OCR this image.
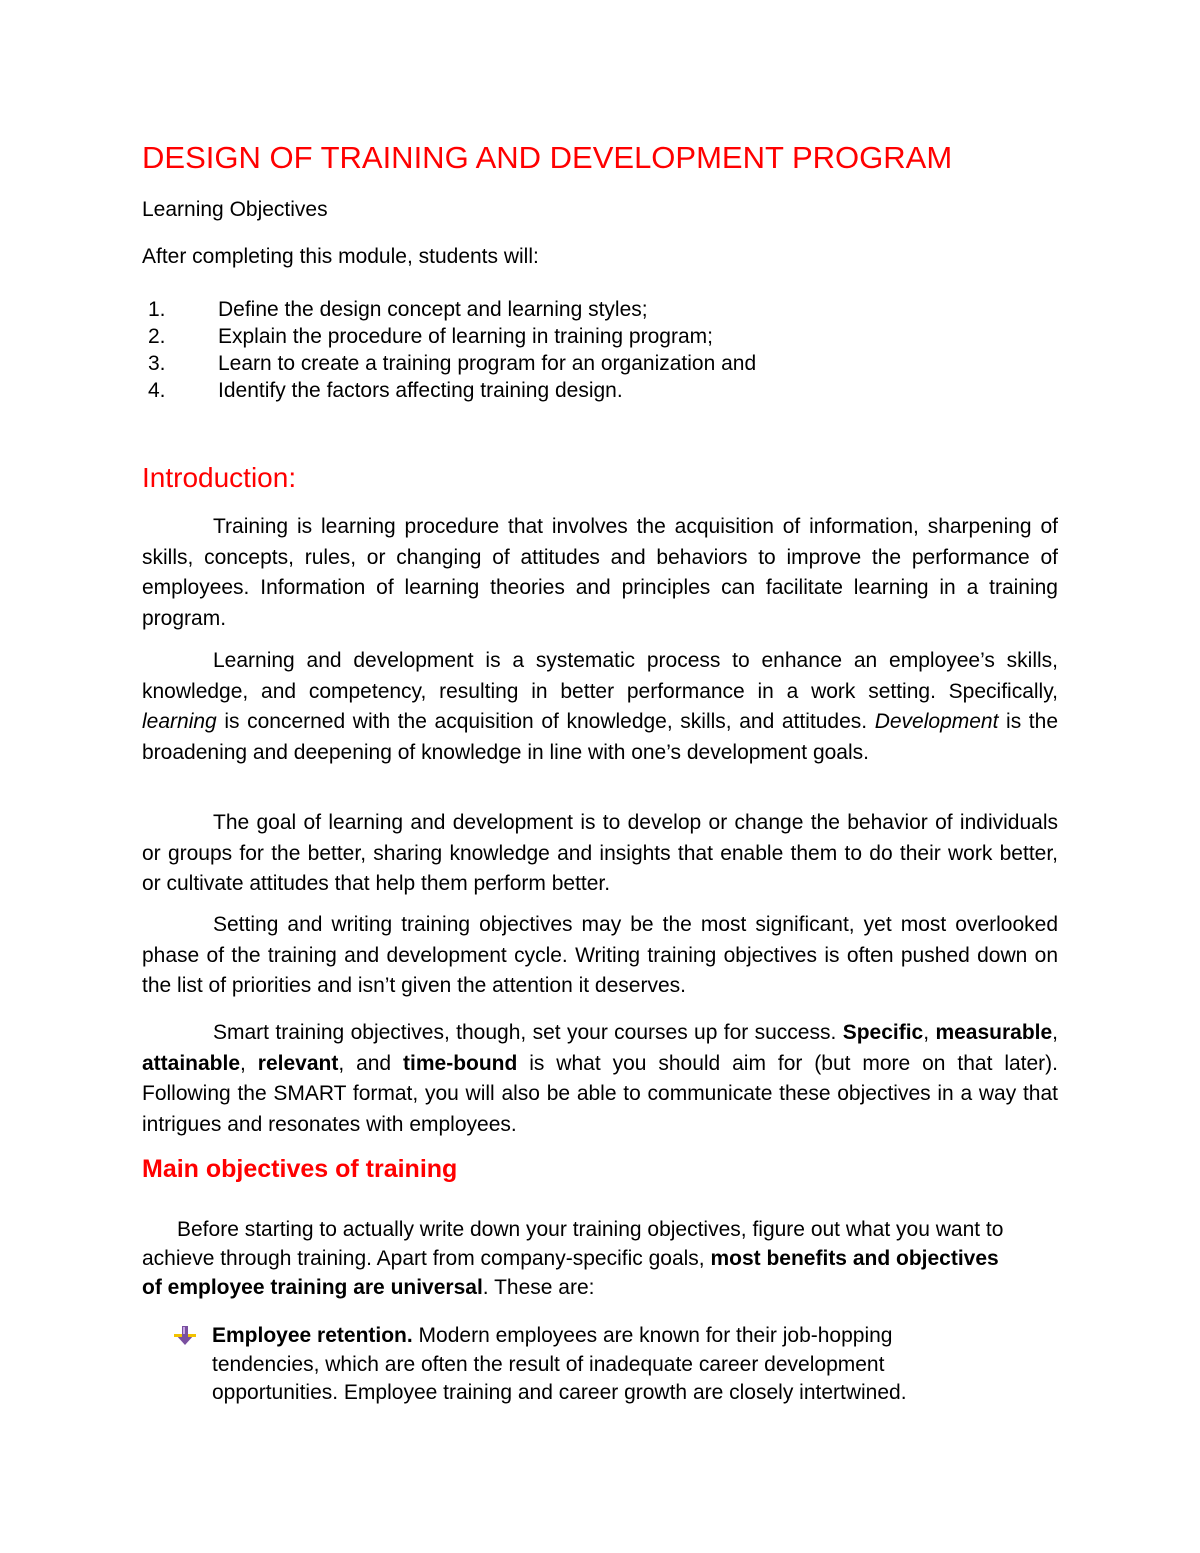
DESIGN OF TRAINING AND DEVELOPMENT PROGRAM

Learning Objectives

After completing this module, students will:

1. Define the design concept and learning styles;
2. Explain the procedure of learning in training program;
3. Learn to create a training program for an organization and
4. Identify the factors affecting training design.
Introduction:

Training is learning procedure that involves the acquisition of information, sharpening of skills, concepts, rules, or changing of attitudes and behaviors to improve the performance of employees. Information of learning theories and principles can facilitate learning in a training program.

Learning and development is a systematic process to enhance an employee’s skills, knowledge, and competency, resulting in better performance in a work setting. Specifically, learning is concerned with the acquisition of knowledge, skills, and attitudes. Development is the broadening and deepening of knowledge in line with one’s development goals.

The goal of learning and development is to develop or change the behavior of individuals or groups for the better, sharing knowledge and insights that enable them to do their work better, or cultivate attitudes that help them perform better.

Setting and writing training objectives may be the most significant, yet most overlooked phase of the training and development cycle. Writing training objectives is often pushed down on the list of priorities and isn’t given the attention it deserves.

Smart training objectives, though, set your courses up for success. Specific, measurable, attainable, relevant, and time-bound is what you should aim for (but more on that later). Following the SMART format, you will also be able to communicate these objectives in a way that intrigues and resonates with employees.

Main objectives of training

Before starting to actually write down your training objectives, figure out what you want to achieve through training. Apart from company-specific goals, most benefits and objectives of employee training are universal. These are:

Employee retention. Modern employees are known for their job-hopping tendencies, which are often the result of inadequate career development opportunities. Employee training and career growth are closely intertwined.
